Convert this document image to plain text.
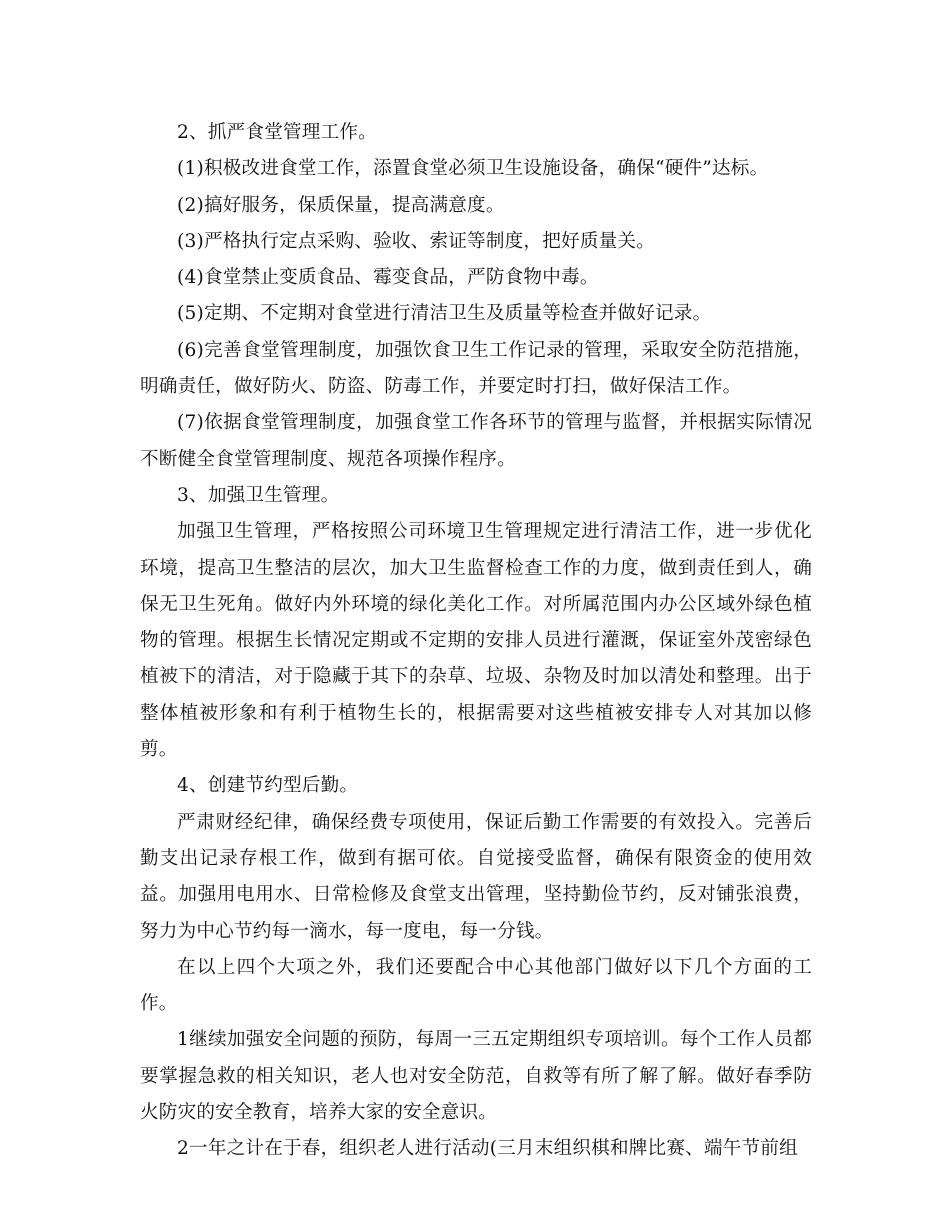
2、抓严食堂管理工作。

(1)积极改进食堂工作，添置食堂必须卫生设施设备，确保“硬件”达标。

(2)搞好服务，保质保量，提高满意度。

(3)严格执行定点采购、验收、索证等制度，把好质量关。

(4)食堂禁止变质食品、霉变食品，严防食物中毒。

(5)定期、不定期对食堂进行清洁卫生及质量等检查并做好记录。

(6)完善食堂管理制度，加强饮食卫生工作记录的管理，采取安全防范措施，明确责任，做好防火、防盗、防毒工作，并要定时打扫，做好保洁工作。

(7)依据食堂管理制度，加强食堂工作各环节的管理与监督，并根据实际情况不断健全食堂管理制度、规范各项操作程序。

3、加强卫生管理。

加强卫生管理，严格按照公司环境卫生管理规定进行清洁工作，进一步优化环境，提高卫生整洁的层次，加大卫生监督检查工作的力度，做到责任到人，确保无卫生死角。做好内外环境的绿化美化工作。对所属范围内办公区域外绿色植物的管理。根据生长情况定期或不定期的安排人员进行灌溉，保证室外茂密绿色植被下的清洁，对于隐藏于其下的杂草、垃圾、杂物及时加以清处和整理。出于整体植被形象和有利于植物生长的，根据需要对这些植被安排专人对其加以修剪。

4、创建节约型后勤。

严肃财经纪律，确保经费专项使用，保证后勤工作需要的有效投入。完善后勤支出记录存根工作，做到有据可依。自觉接受监督，确保有限资金的使用效益。加强用电用水、日常检修及食堂支出管理，坚持勤俭节约，反对铺张浪费，努力为中心节约每一滴水，每一度电，每一分钱。

在以上四个大项之外，我们还要配合中心其他部门做好以下几个方面的工作。

1继续加强安全问题的预防，每周一三五定期组织专项培训。每个工作人员都要掌握急救的相关知识，老人也对安全防范，自救等有所了解了解。做好春季防火防灾的安全教育，培养大家的安全意识。

2一年之计在于春，组织老人进行活动(三月末组织棋和牌比赛、端午节前组
